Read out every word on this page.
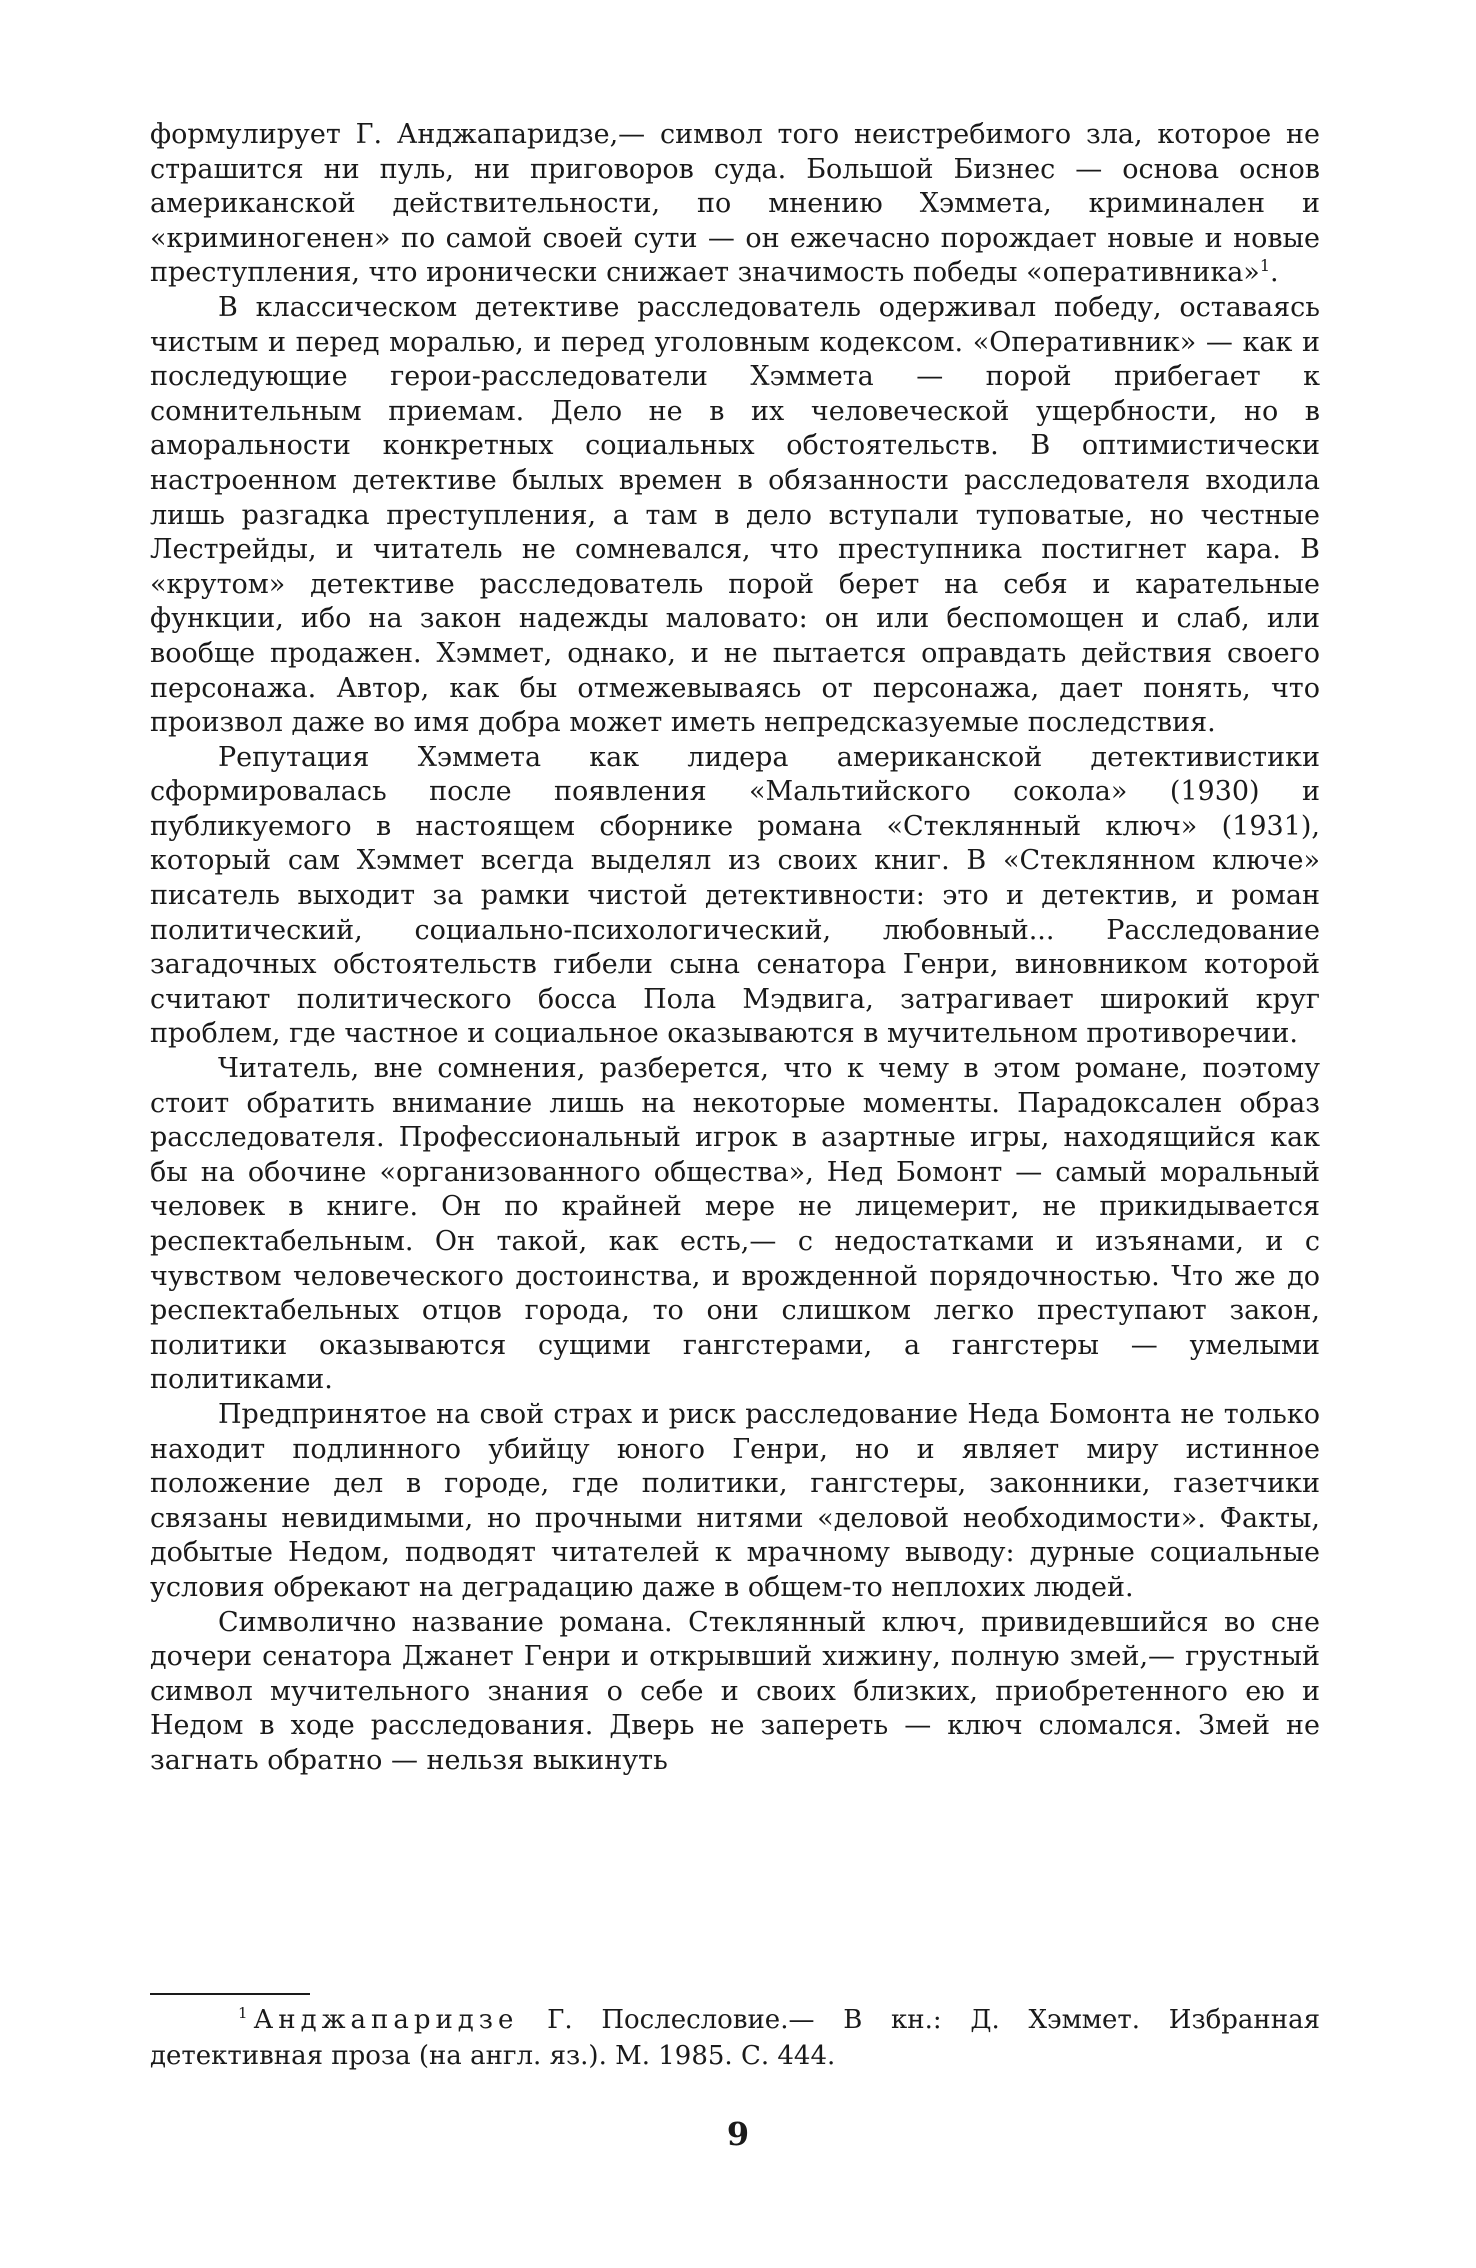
формулирует Г. Анджапаридзе,— символ того неистребимого зла, которое не страшится ни пуль, ни приговоров суда. Большой Бизнес — основа основ американской действительности, по мнению Хэммета, криминален и «криминогенен» по самой своей сути — он ежечасно порождает новые и новые преступления, что иронически снижает значимость победы «оперативника»$^1$.

В классическом детективе расследователь одерживал победу, оставаясь чистым и перед моралью, и перед уголовным кодексом. «Оперативник» — как и последующие герои-расследователи Хэммета — порой прибегает к сомнительным приемам. Дело не в их человеческой ущербности, но в аморальности конкретных социальных обстоятельств. В оптимистически настроенном детективе былых времен в обязанности расследователя входила лишь разгадка преступления, а там в дело вступали туповатые, но честные Лестрейды, и читатель не сомневался, что преступника постигнет кара. В «крутом» детективе расследователь порой берет на себя и карательные функции, ибо на закон надежды маловато: он или беспомощен и слаб, или вообще продажен. Хэммет, однако, и не пытается оправдать действия своего персонажа. Автор, как бы отмежевываясь от персонажа, дает понять, что произвол даже во имя добра может иметь непредсказуемые последствия.

Репутация Хэммета как лидера американской детективистики сформировалась после появления «Мальтийского сокола» (1930) и публикуемого в настоящем сборнике романа «Стеклянный ключ» (1931), который сам Хэммет всегда выделял из своих книг. В «Стеклянном ключе» писатель выходит за рамки чистой детективности: это и детектив, и роман политический, социально-психологический, любовный... Расследование загадочных обстоятельств гибели сына сенатора Генри, виновником которой считают политического босса Пола Мэдвига, затрагивает широкий круг проблем, где частное и социальное оказываются в мучительном противоречии.

Читатель, вне сомнения, разберется, что к чему в этом романе, поэтому стоит обратить внимание лишь на некоторые моменты. Парадоксален образ расследователя. Профессиональный игрок в азартные игры, находящийся как бы на обочине «организованного общества», Нед Бомонт — самый моральный человек в книге. Он по крайней мере не лицемерит, не прикидывается респектабельным. Он такой, как есть,— с недостатками и изъянами, и с чувством человеческого достоинства, и врожденной порядочностью. Что же до респектабельных отцов города, то они слишком легко преступают закон, политики оказываются сущими гангстерами, а гангстеры — умелыми политиками.

Предпринятое на свой страх и риск расследование Неда Бомонта не только находит подлинного убийцу юного Генри, но и являет миру истинное положение дел в городе, где политики, гангстеры, законники, газетчики связаны невидимыми, но прочными нитями «деловой необходимости». Факты, добытые Недом, подводят читателей к мрачному выводу: дурные социальные условия обрекают на деградацию даже в общем-то неплохих людей.

Символично название романа. Стеклянный ключ, привидевшийся во сне дочери сенатора Джанет Генри и открывший хижину, полную змей,— грустный символ мучительного знания о себе и своих близких, приобретенного ею и Недом в ходе расследования. Дверь не запереть — ключ сломался. Змей не загнать обратно — нельзя выкинуть

1 Анджапаридзе Г. Послесловие.— В кн.: Д. Хэммет. Избранная детективная проза (на англ. яз.). М. 1985. С. 444.
9
